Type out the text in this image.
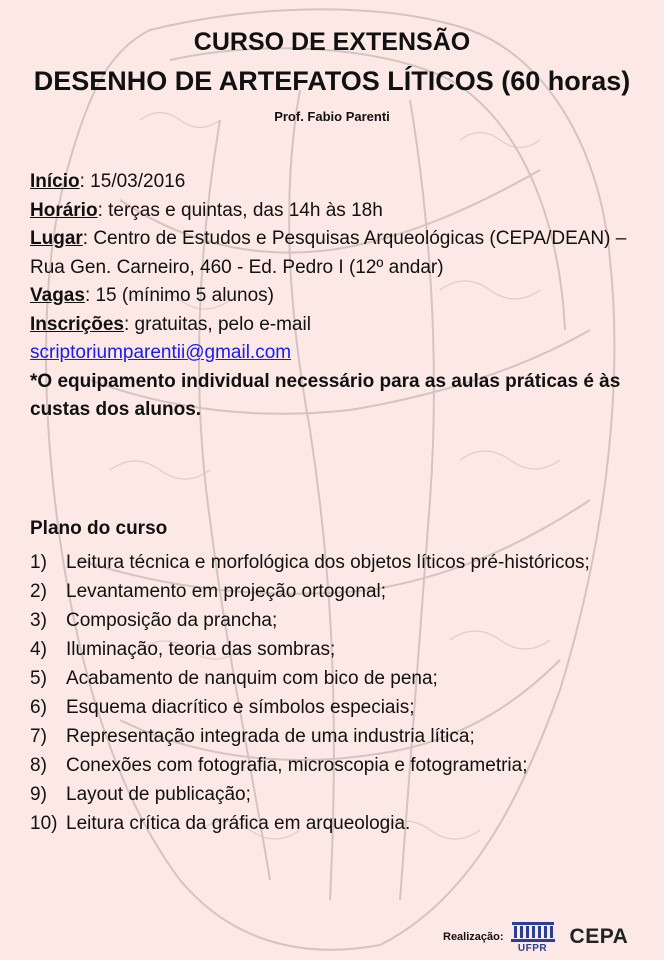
CURSO DE EXTENSÃO
DESENHO DE ARTEFATOS LÍTICOS (60 horas)
Prof. Fabio Parenti
Início: 15/03/2016
Horário: terças e quintas, das 14h às 18h
Lugar: Centro de Estudos e Pesquisas Arqueológicas (CEPA/DEAN) – Rua Gen. Carneiro, 460 - Ed. Pedro I (12º andar)
Vagas: 15 (mínimo 5 alunos)
Inscrições: gratuitas, pelo e-mail
scriptoriumparentii@gmail.com
*O equipamento individual necessário para as aulas práticas é às custas dos alunos.
Plano do curso
1)	Leitura técnica e morfológica dos objetos líticos pré-históricos;
2)	Levantamento em projeção ortogonal;
3)	Composição da prancha;
4)	Iluminação, teoria das sombras;
5)	Acabamento de nanquim com bico de pena;
6)	Esquema diacrítico e símbolos especiais;
7)	Representação integrada de uma industria lítica;
8)	Conexões com fotografia, microscopia e fotogrametria;
9)	Layout de publicação;
10) Leitura crítica da gráfica em arqueologia.
Realização:
UFPR
CEPA
